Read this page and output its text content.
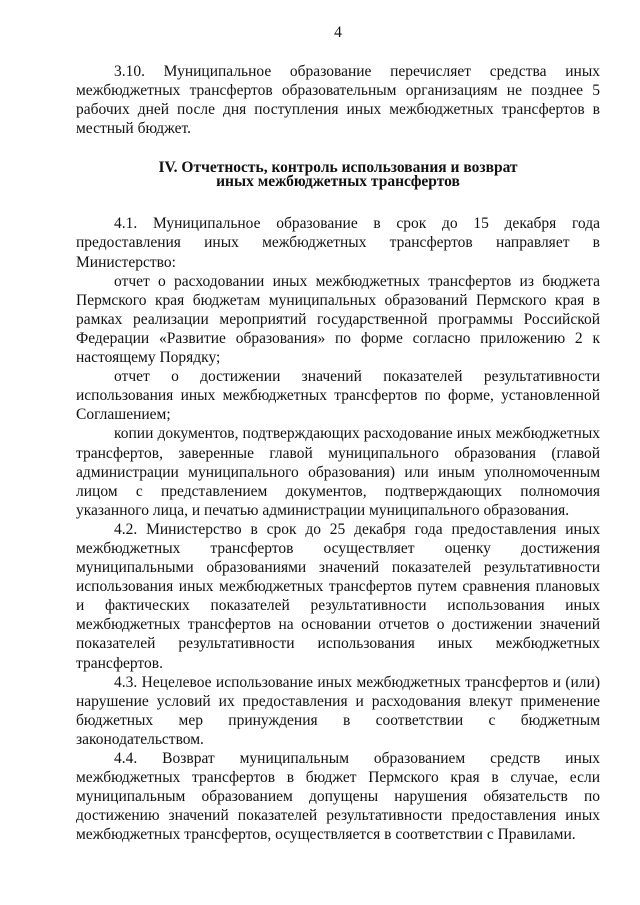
4

3.10. Муниципальное образование перечисляет средства иных межбюджетных трансфертов образовательным организациям не позднее 5 рабочих дней после дня поступления иных межбюджетных трансфертов в местный бюджет.

IV. Отчетность, контроль использования и возврат
иных межбюджетных трансфертов

4.1. Муниципальное образование в срок до 15 декабря года предоставления иных межбюджетных трансфертов направляет в Министерство:

отчет о расходовании иных межбюджетных трансфертов из бюджета Пермского края бюджетам муниципальных образований Пермского края в рамках реализации мероприятий государственной программы Российской Федерации «Развитие образования» по форме согласно приложению 2 к настоящему Порядку;

отчет о достижении значений показателей результативности использования иных межбюджетных трансфертов по форме, установленной Соглашением;

копии документов, подтверждающих расходование иных межбюджетных трансфертов, заверенные главой муниципального образования (главой администрации муниципального образования) или иным уполномоченным лицом с представлением документов, подтверждающих полномочия указанного лица, и печатью администрации муниципального образования.

4.2. Министерство в срок до 25 декабря года предоставления иных межбюджетных трансфертов осуществляет оценку достижения муниципальными образованиями значений показателей результативности использования иных межбюджетных трансфертов путем сравнения плановых и фактических показателей результативности использования иных межбюджетных трансфертов на основании отчетов о достижении значений показателей результативности использования иных межбюджетных трансфертов.

4.3. Нецелевое использование иных межбюджетных трансфертов и (или) нарушение условий их предоставления и расходования влекут применение бюджетных мер принуждения в соответствии с бюджетным законодательством.

4.4. Возврат муниципальным образованием средств иных межбюджетных трансфертов в бюджет Пермского края в случае, если муниципальным образованием допущены нарушения обязательств по достижению значений показателей результативности предоставления иных межбюджетных трансфертов, осуществляется в соответствии с Правилами.
